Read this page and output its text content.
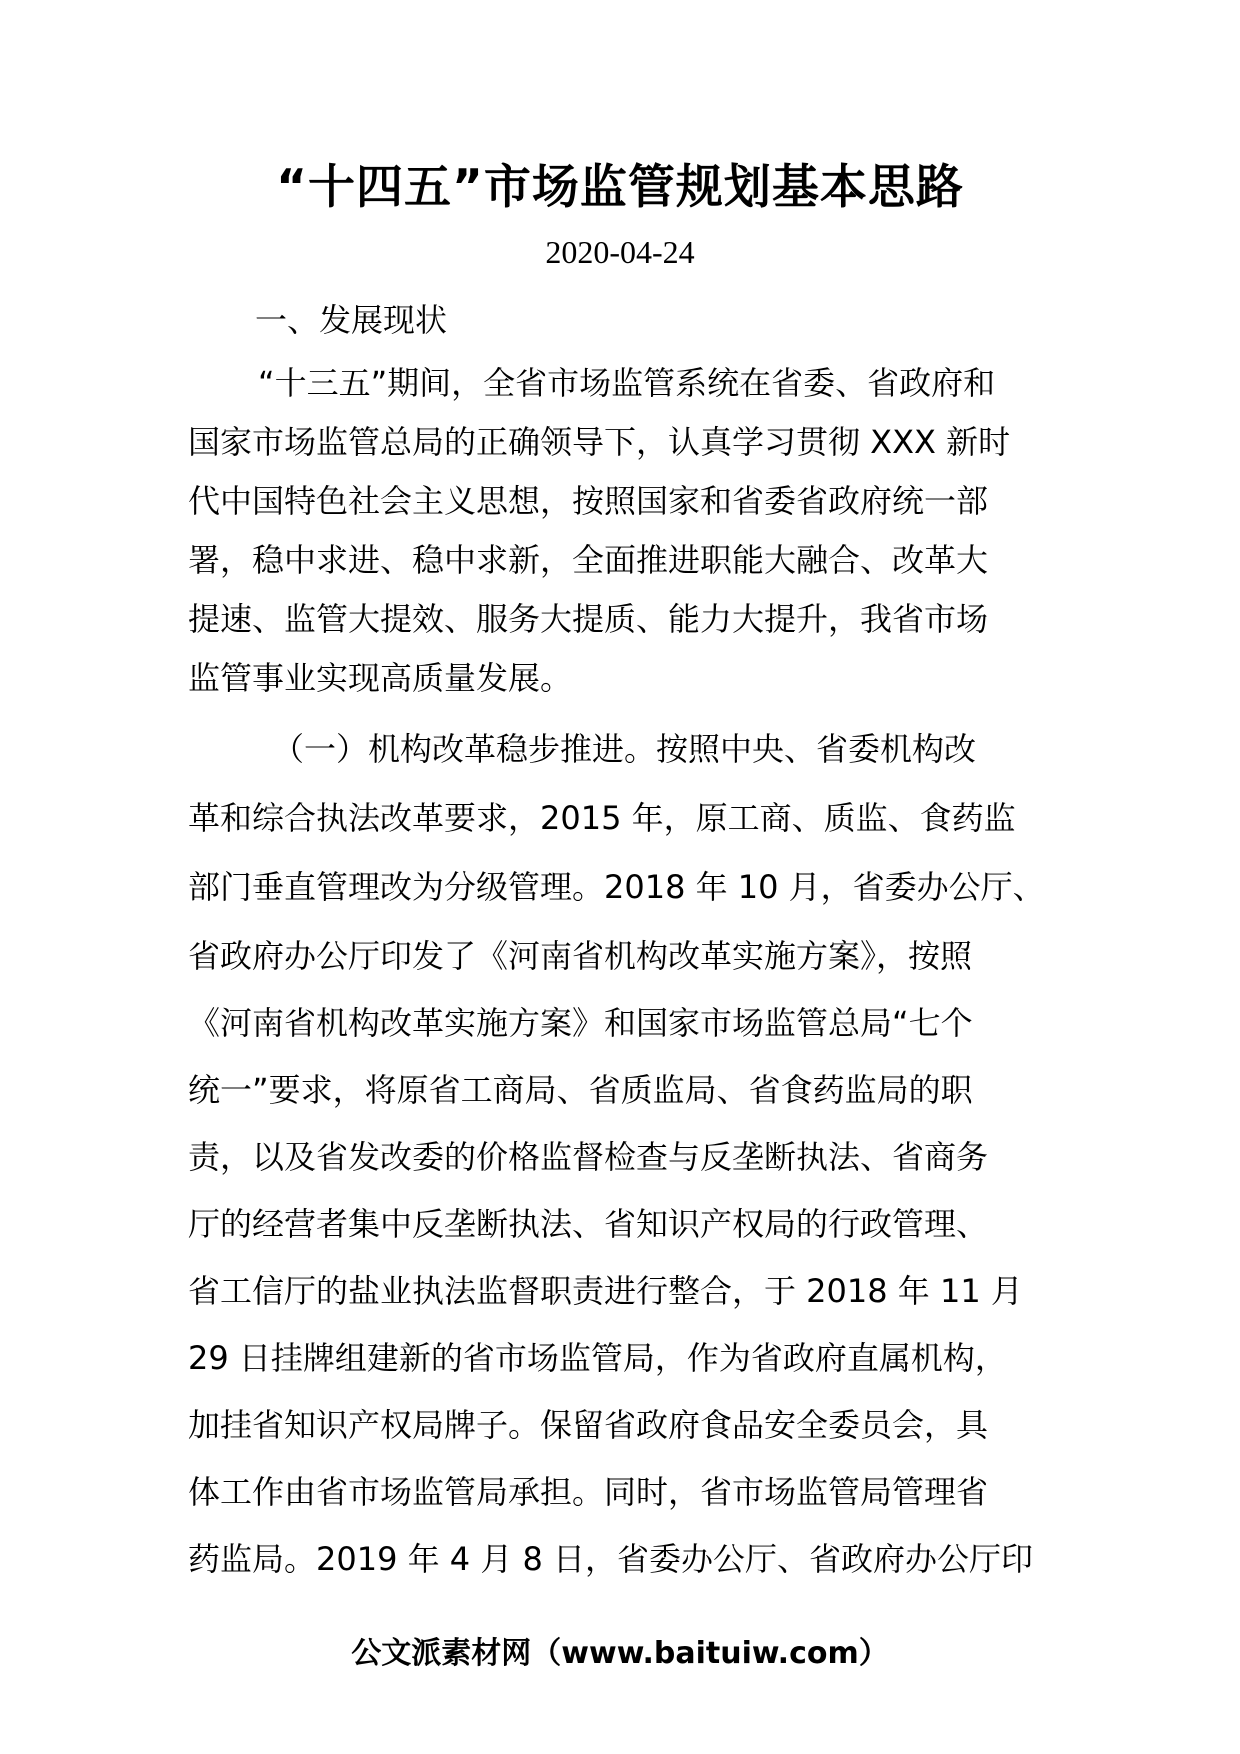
“十四五”市场监管规划基本思路
2020-04-24
一、发展现状
“十三五”期间，全省市场监管系统在省委、省政府和
国家市场监管总局的正确领导下，认真学习贯彻 XXX 新时
代中国特色社会主义思想，按照国家和省委省政府统一部
署，稳中求进、稳中求新，全面推进职能大融合、改革大
提速、监管大提效、服务大提质、能力大提升，我省市场
监管事业实现高质量发展。
（一）机构改革稳步推进。按照中央、省委机构改
革和综合执法改革要求，2015 年，原工商、质监、食药监
部门垂直管理改为分级管理。2018 年 10 月，省委办公厅、
省政府办公厅印发了《河南省机构改革实施方案》，按照
《河南省机构改革实施方案》和国家市场监管总局“七个
统一”要求，将原省工商局、省质监局、省食药监局的职
责，以及省发改委的价格监督检查与反垄断执法、省商务
厅的经营者集中反垄断执法、省知识产权局的行政管理、
省工信厅的盐业执法监督职责进行整合，于 2018 年 11 月
29 日挂牌组建新的省市场监管局，作为省政府直属机构，
加挂省知识产权局牌子。保留省政府食品安全委员会，具
体工作由省市场监管局承担。同时，省市场监管局管理省
药监局。2019 年 4 月 8 日，省委办公厅、省政府办公厅印
公文派素材网（www.baituiw.com）
